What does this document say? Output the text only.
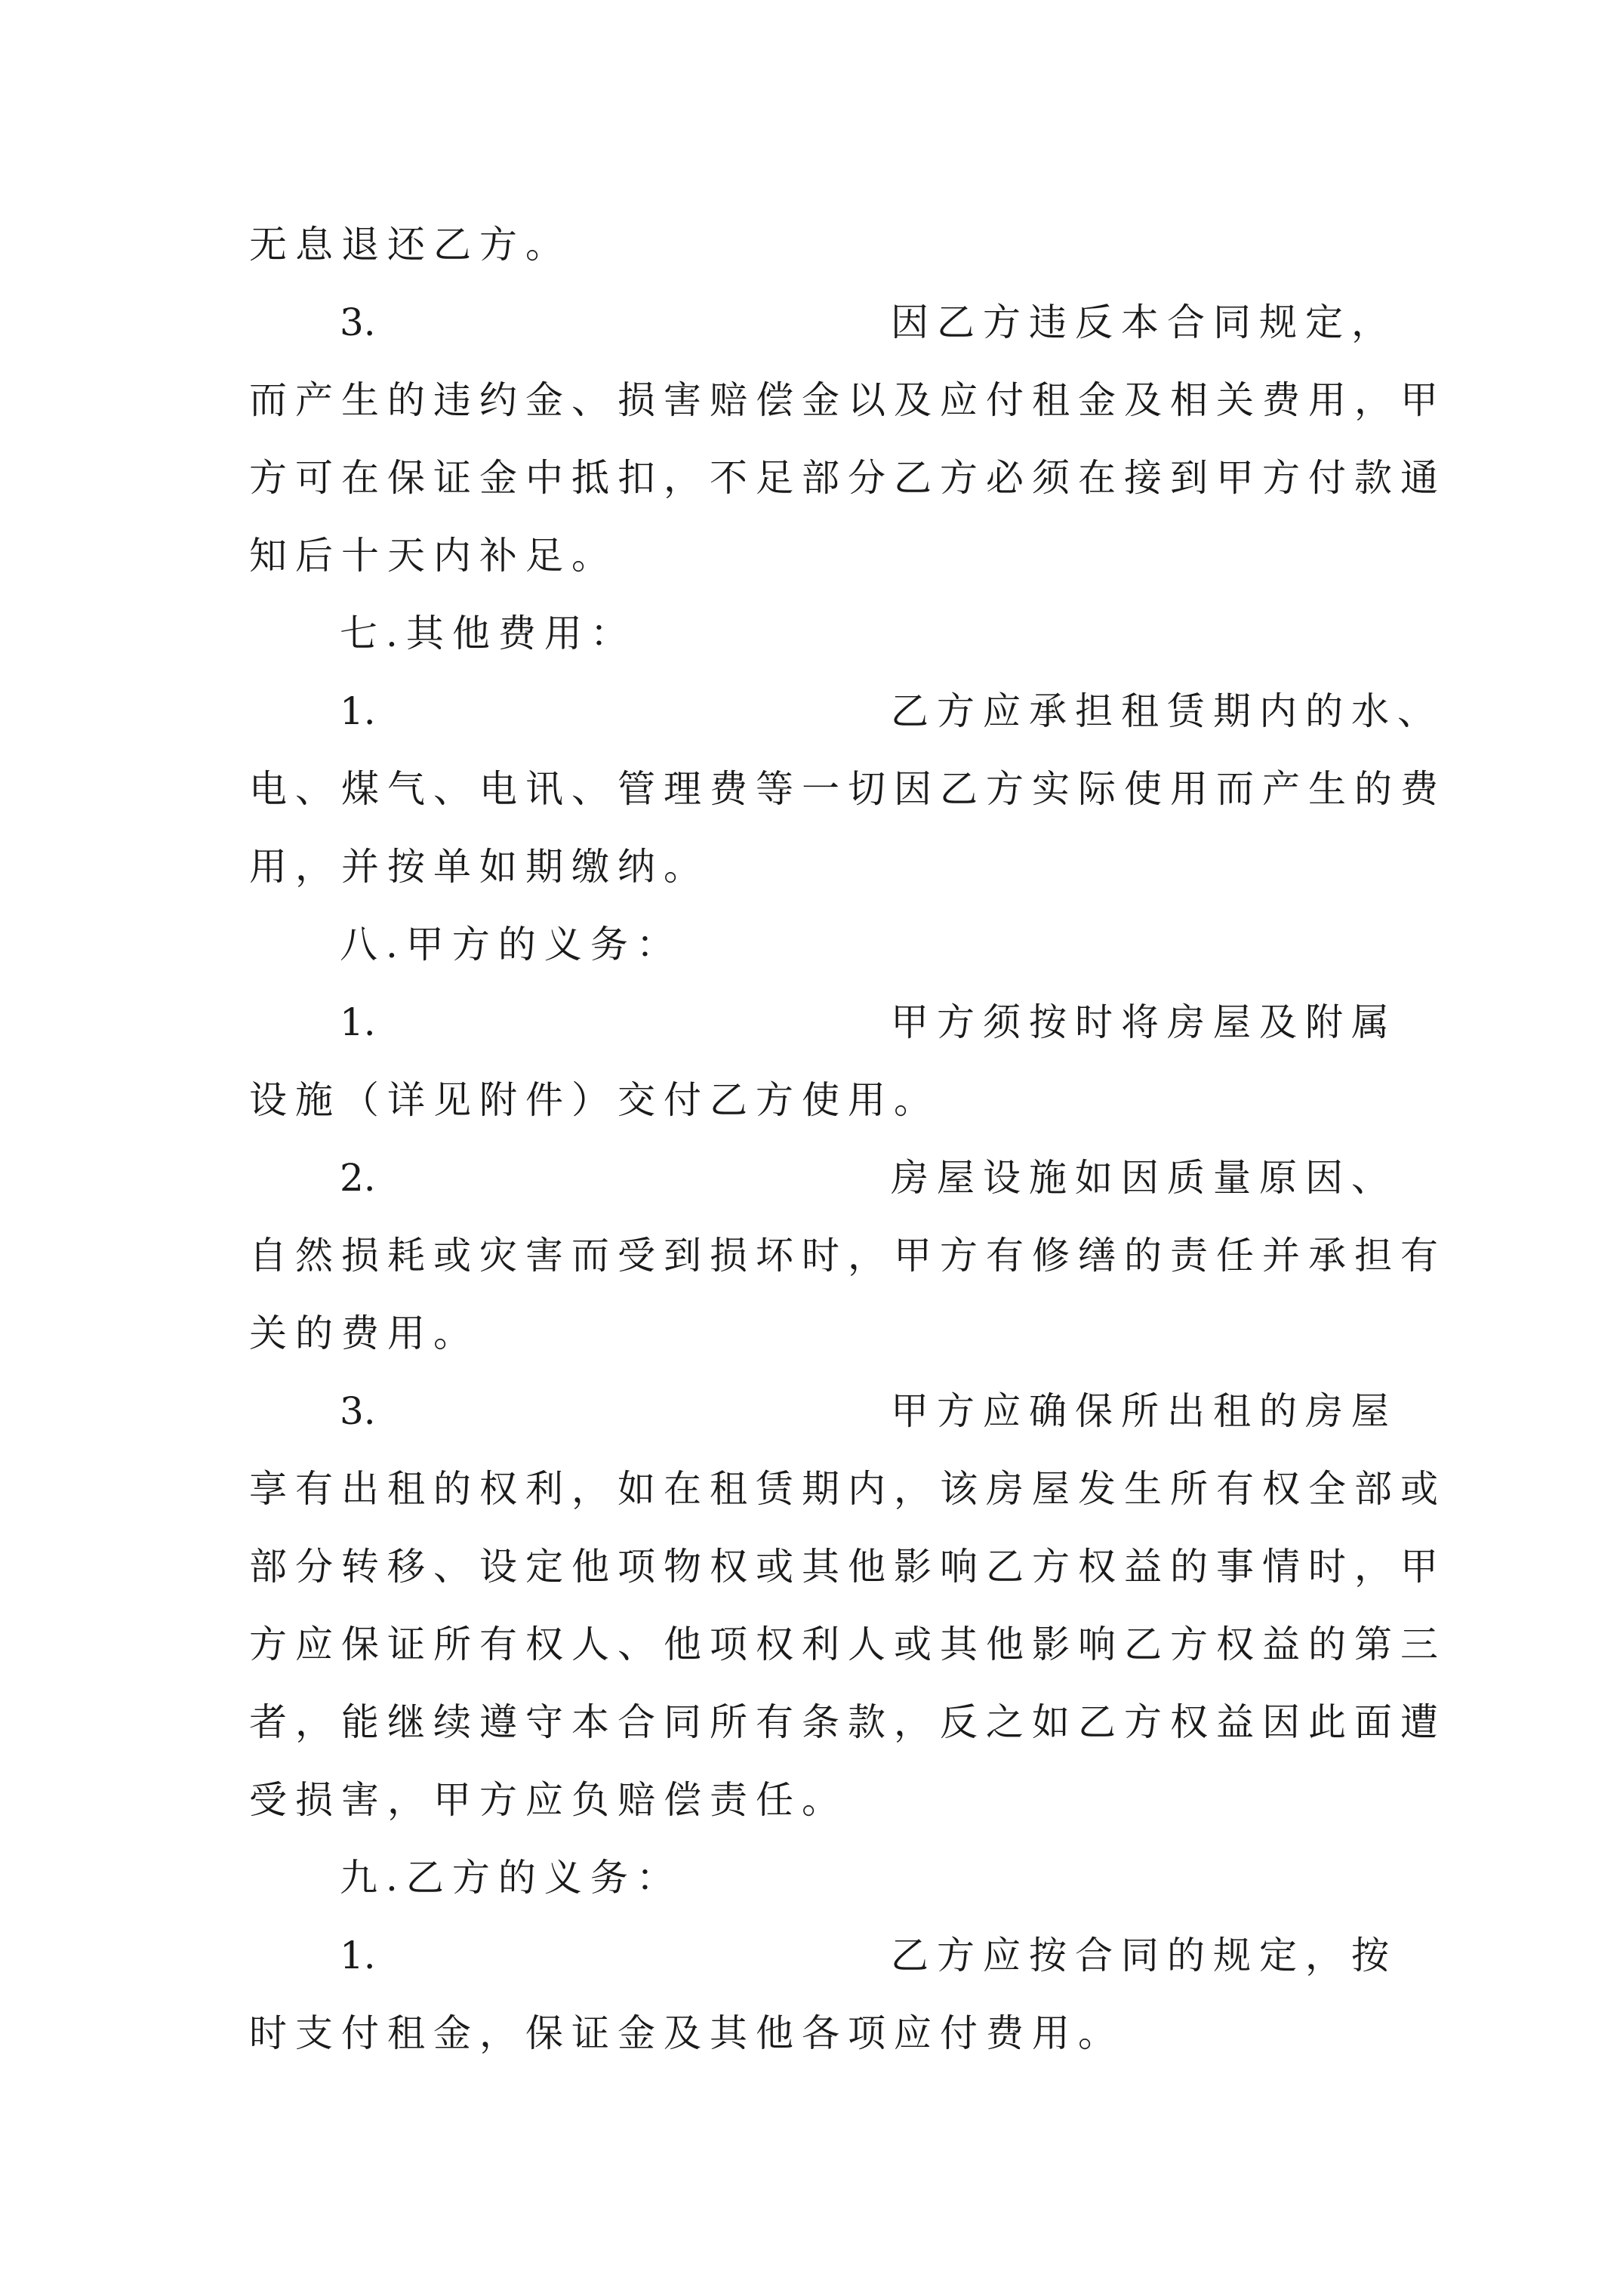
无息退还乙方。
3.	因乙方违反本合同规定，
而产生的违约金、损害赔偿金以及应付租金及相关费用，甲
方可在保证金中抵扣，不足部分乙方必须在接到甲方付款通
知后十天内补足。
七.其他费用：
1.	乙方应承担租赁期内的水、
电、煤气、电讯、管理费等一切因乙方实际使用而产生的费
用，并按单如期缴纳。
八.甲方的义务：
1.	甲方须按时将房屋及附属
设施（详见附件）交付乙方使用。
2.	房屋设施如因质量原因、
自然损耗或灾害而受到损坏时，甲方有修缮的责任并承担有
关的费用。
3.	甲方应确保所出租的房屋
享有出租的权利，如在租赁期内，该房屋发生所有权全部或
部分转移、设定他项物权或其他影响乙方权益的事情时，甲
方应保证所有权人、他项权利人或其他影响乙方权益的第三
者，能继续遵守本合同所有条款，反之如乙方权益因此面遭
受损害，甲方应负赔偿责任。
九.乙方的义务：
1.	乙方应按合同的规定，按
时支付租金，保证金及其他各项应付费用。
